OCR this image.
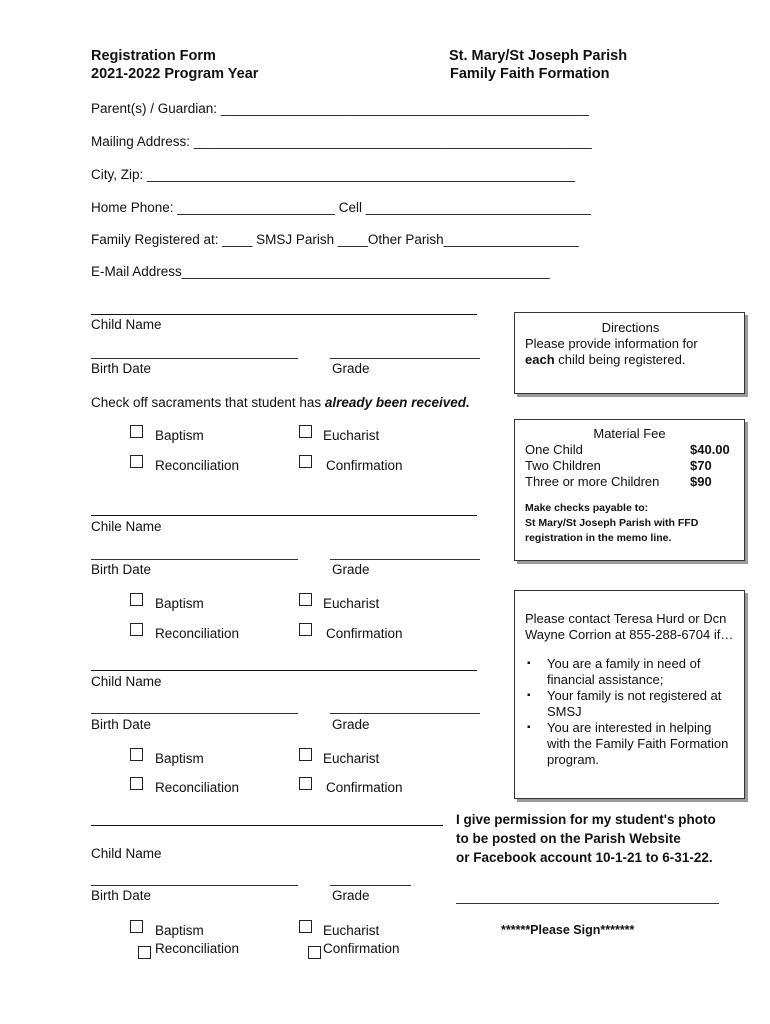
Registration Form
2021-2022 Program Year
St. Mary/St Joseph Parish
Family Faith Formation
Parent(s) / Guardian: _________________________________________________
Mailing Address: _____________________________________________________
City, Zip: _________________________________________________________
Home Phone: _____________________ Cell ______________________________
Family Registered at: ____ SMSJ Parish ____Other Parish__________________
E-Mail Address_________________________________________________
Child Name
Birth Date	Grade
Check off sacraments that student has already been received.
Baptism	Eucharist
Reconciliation	Confirmation
Chile Name
Birth Date	Grade
Baptism	Eucharist
Reconciliation	Confirmation
Child Name
Birth Date	Grade
Baptism	Eucharist
Reconciliation	Confirmation
Child Name
Birth Date	Grade
Baptism	Eucharist
Reconciliation	Confirmation

Directions

Please provide information for

each child being registered.

Material Fee

One Child	$40.00
Two Children	$70
Three or more Children $90

Make checks payable to:

St Mary/St Joseph Parish with FFD

registration in the memo line.

Please contact Teresa Hurd or Dcn Wayne Corrion at 855-288-6704 if…

▪ You are a family in need of financial assistance;
▪ Your family is not registered at SMSJ
▪ You are interested in helping with the Family Faith Formation program.
I give permission for my student's photo
to be posted on the Parish Website
or Facebook account 10-1-21 to 6-31-22.
******Please Sign*******
